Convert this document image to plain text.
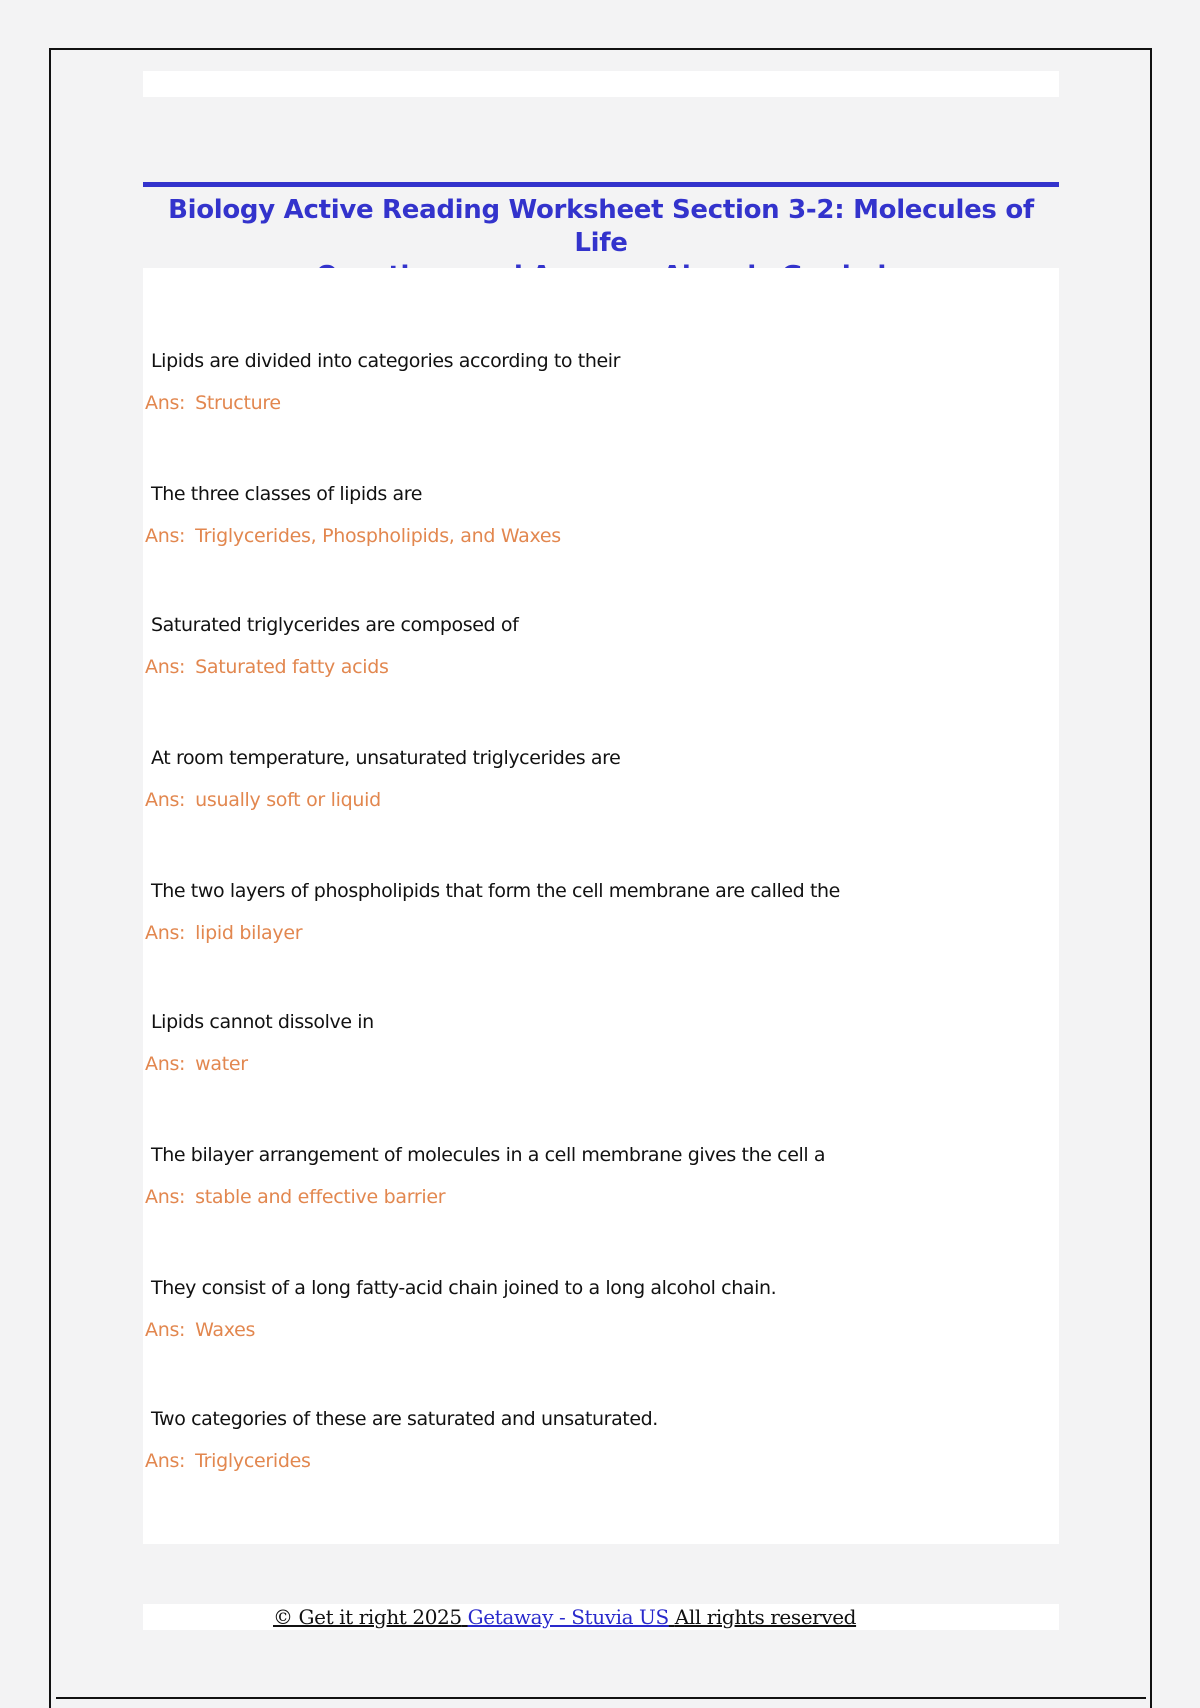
Biology Active Reading Worksheet Section 3-2: Molecules of Life
Lipids are divided into categories according to their
Ans: Structure
The three classes of lipids are
Ans: Triglycerides, Phospholipids, and Waxes
Saturated triglycerides are composed of
Ans: Saturated fatty acids
At room temperature, unsaturated triglycerides are
Ans: usually soft or liquid
The two layers of phospholipids that form the cell membrane are called the
Ans: lipid bilayer
Lipids cannot dissolve in
Ans: water
The bilayer arrangement of molecules in a cell membrane gives the cell a
Ans: stable and effective barrier
They consist of a long fatty-acid chain joined to a long alcohol chain.
Ans: Waxes
Two categories of these are saturated and unsaturated.
Ans: Triglycerides
© Get it right 2025 Getaway - Stuvia US All rights reserved
